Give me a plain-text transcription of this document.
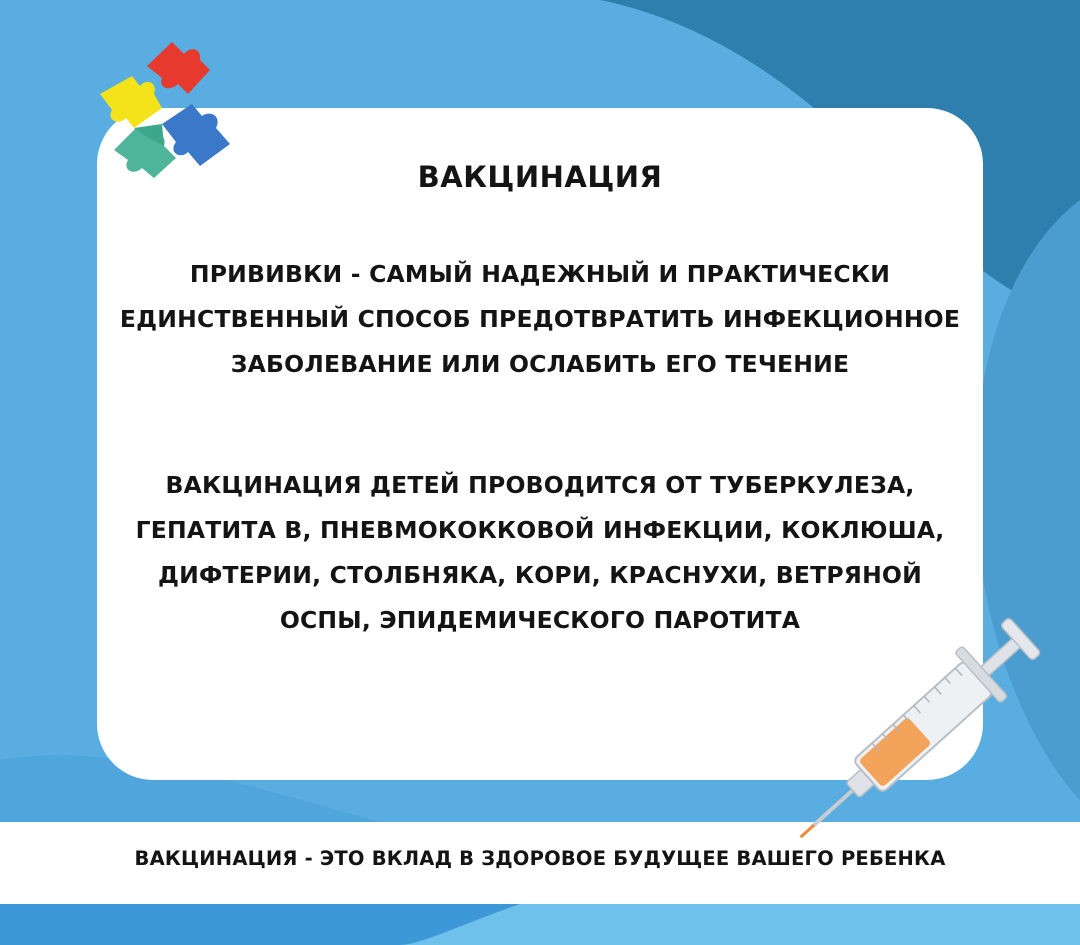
ВАКЦИНАЦИЯ
ПРИВИВКИ - САМЫЙ НАДЕЖНЫЙ И ПРАКТИЧЕСКИ ЕДИНСТВЕННЫЙ СПОСОБ ПРЕДОТВРАТИТЬ ИНФЕКЦИОННОЕ ЗАБОЛЕВАНИЕ ИЛИ ОСЛАБИТЬ ЕГО ТЕЧЕНИЕ
ВАКЦИНАЦИЯ ДЕТЕЙ ПРОВОДИТСЯ ОТ ТУБЕРКУЛЕЗА, ГЕПАТИТА В, ПНЕВМОКОККОВОЙ ИНФЕКЦИИ, КОКЛЮША, ДИФТЕРИИ, СТОЛБНЯКА, КОРИ, КРАСНУХИ, ВЕТРЯНОЙ ОСПЫ, ЭПИДЕМИЧЕСКОГО ПАРОТИТА
ВАКЦИНАЦИЯ - ЭТО ВКЛАД В ЗДОРОВОЕ БУДУЩЕЕ ВАШЕГО РЕБЕНКА
